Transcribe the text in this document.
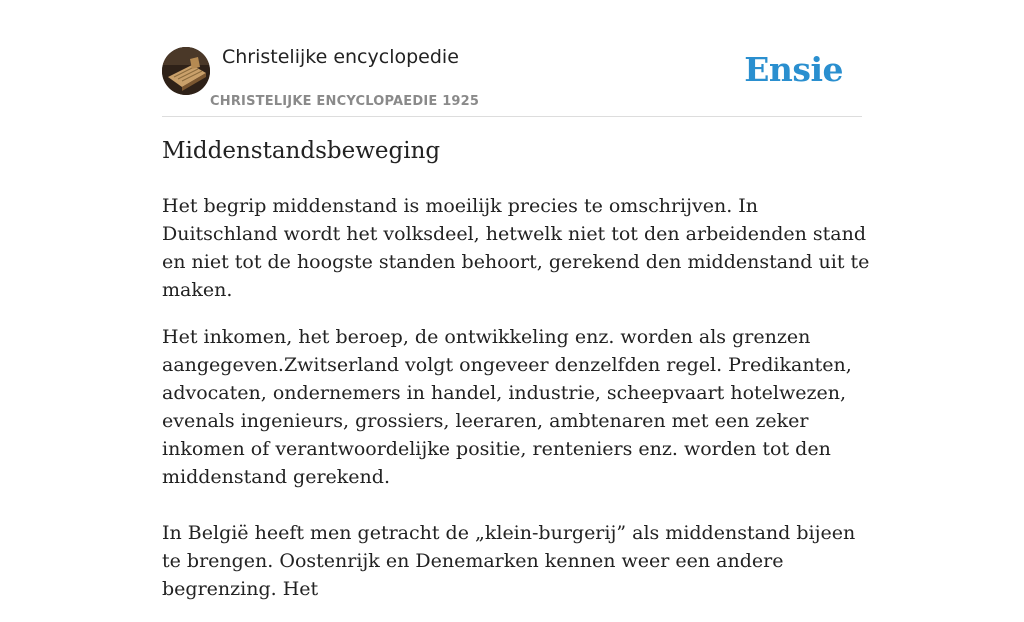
Christelijke encyclopedie
CHRISTELIJKE ENCYCLOPAEDIE 1925
Ensie
Middenstandsbeweging

Het begrip middenstand is moeilijk precies te omschrijven. In Duitschland wordt het volksdeel, hetwelk niet tot den arbeidenden stand en niet tot de hoogste standen behoort, gerekend den middenstand uit te maken.

Het inkomen, het beroep, de ontwikkeling enz. worden als grenzen aangegeven.Zwitserland volgt ongeveer denzelfden regel. Predikanten, advocaten, ondernemers in handel, industrie, scheepvaart hotelwezen, evenals ingenieurs, grossiers, leeraren, ambtenaren met een zeker inkomen of verantwoordelijke positie, renteniers enz. worden tot den middenstand gerekend.

In België heeft men getracht de „klein-burgerij” als middenstand bijeen te brengen. Oostenrijk en Denemarken kennen weer een andere begrenzing. Het
